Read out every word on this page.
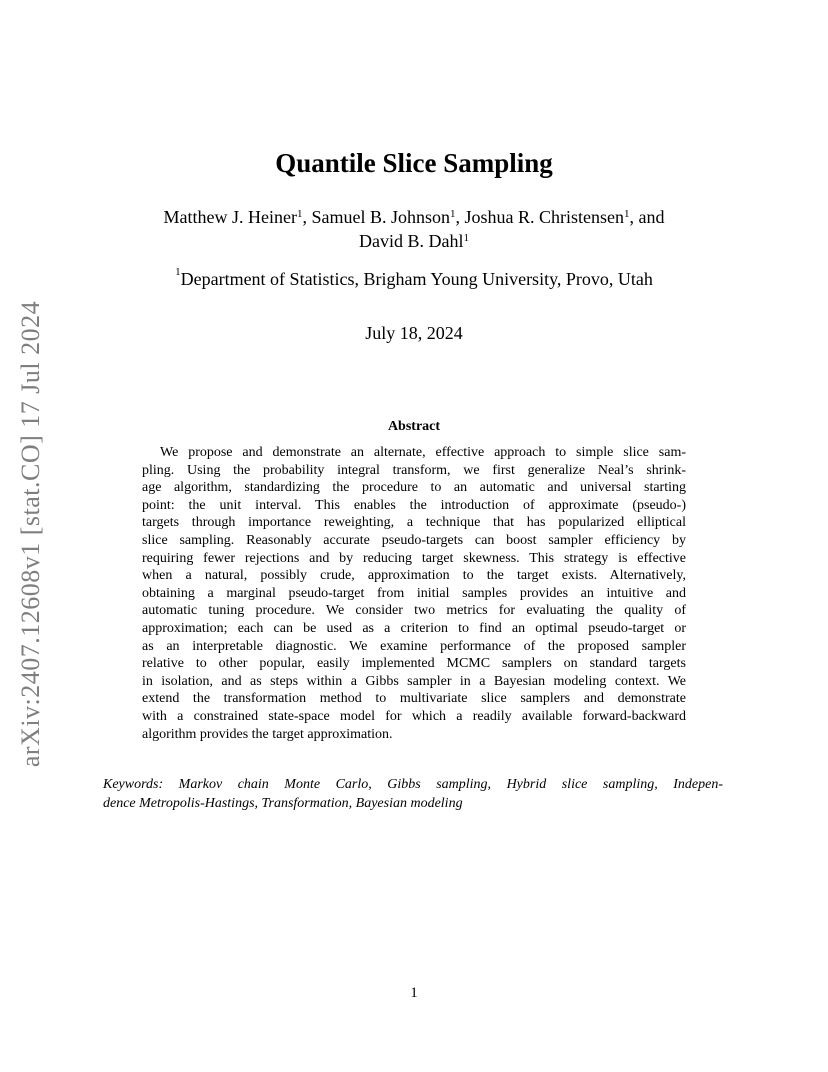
arXiv:2407.12608v1 [stat.CO] 17 Jul 2024
Quantile Slice Sampling
Matthew J. Heiner$^1$, Samuel B. Johnson$^1$, Joshua R. Christensen$^1$, and
David B. Dahl$^1$
$^1$Department of Statistics, Brigham Young University, Provo, Utah
July 18, 2024
Abstract
We propose and demonstrate an alternate, effective approach to simple slice sam-
pling. Using the probability integral transform, we first generalize Neal’s shrink-
age algorithm, standardizing the procedure to an automatic and universal starting
point: the unit interval. This enables the introduction of approximate (pseudo-)
targets through importance reweighting, a technique that has popularized elliptical
slice sampling. Reasonably accurate pseudo-targets can boost sampler efficiency by
requiring fewer rejections and by reducing target skewness. This strategy is effective
when a natural, possibly crude, approximation to the target exists. Alternatively,
obtaining a marginal pseudo-target from initial samples provides an intuitive and
automatic tuning procedure. We consider two metrics for evaluating the quality of
approximation; each can be used as a criterion to find an optimal pseudo-target or
as an interpretable diagnostic. We examine performance of the proposed sampler
relative to other popular, easily implemented MCMC samplers on standard targets
in isolation, and as steps within a Gibbs sampler in a Bayesian modeling context. We
extend the transformation method to multivariate slice samplers and demonstrate
with a constrained state-space model for which a readily available forward-backward
algorithm provides the target approximation.
Keywords: Markov chain Monte Carlo, Gibbs sampling, Hybrid slice sampling, Indepen-
dence Metropolis-Hastings, Transformation, Bayesian modeling
1
